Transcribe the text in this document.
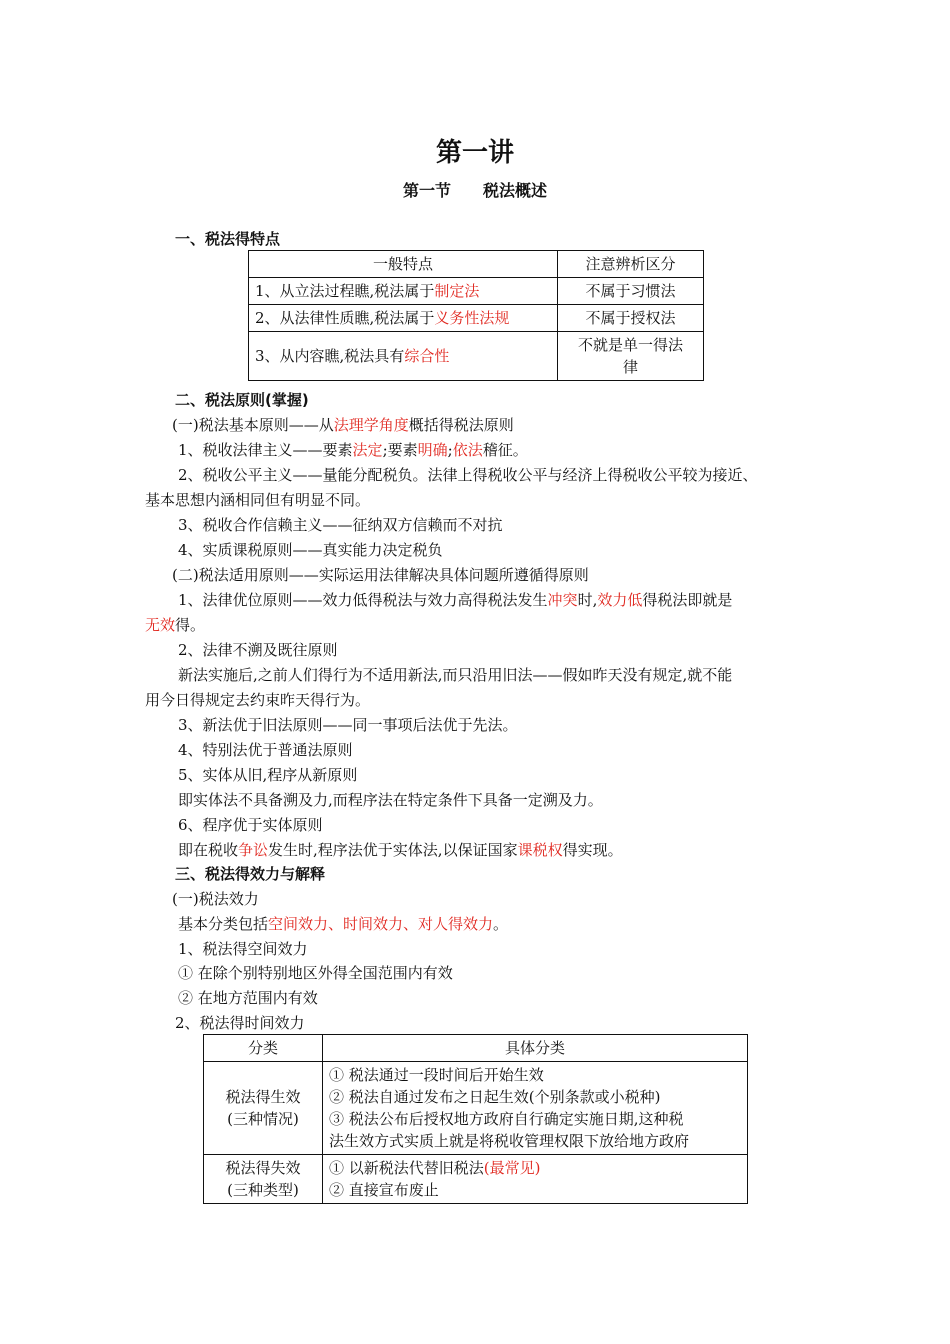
第一讲
第一节　　税法概述
一、税法得特点
一般特点	注意辨析区分
1、从立法过程瞧,税法属于制定法	不属于习惯法
2、从法律性质瞧,税法属于义务性法规	不属于授权法
3、从内容瞧,税法具有综合性	不就是单一得法
律
二、税法原则(掌握)
(一)税法基本原则——从法理学角度概括得税法原则
1、税收法律主义——要素法定;要素明确;依法稽征。
2、税收公平主义——量能分配税负。法律上得税收公平与经济上得税收公平较为接近、
基本思想内涵相同但有明显不同。
3、税收合作信赖主义——征纳双方信赖而不对抗
4、实质课税原则——真实能力决定税负
(二)税法适用原则——实际运用法律解决具体问题所遵循得原则
1、法律优位原则——效力低得税法与效力高得税法发生冲突时,效力低得税法即就是
无效得。
2、法律不溯及既往原则
新法实施后,之前人们得行为不适用新法,而只沿用旧法——假如昨天没有规定,就不能
用今日得规定去约束昨天得行为。
3、新法优于旧法原则——同一事项后法优于先法。
4、特别法优于普通法原则
5、实体从旧,程序从新原则
即实体法不具备溯及力,而程序法在特定条件下具备一定溯及力。
6、程序优于实体原则
即在税收争讼发生时,程序法优于实体法,以保证国家课税权得实现。
三、税法得效力与解释
(一)税法效力
基本分类包括空间效力、时间效力、对人得效力。
1、税法得空间效力
① 在除个别特别地区外得全国范围内有效
② 在地方范围内有效
2、税法得时间效力
分类	具体分类

税法得生效
(三种情况)	① 税法通过一段时间后开始生效
② 税法自通过发布之日起生效(个别条款或小税种)
③ 税法公布后授权地方政府自行确定实施日期,这种税
法生效方式实质上就是将税收管理权限下放给地方政府

税法得失效
(三种类型)	① 以新税法代替旧税法(最常见)
② 直接宣布废止
